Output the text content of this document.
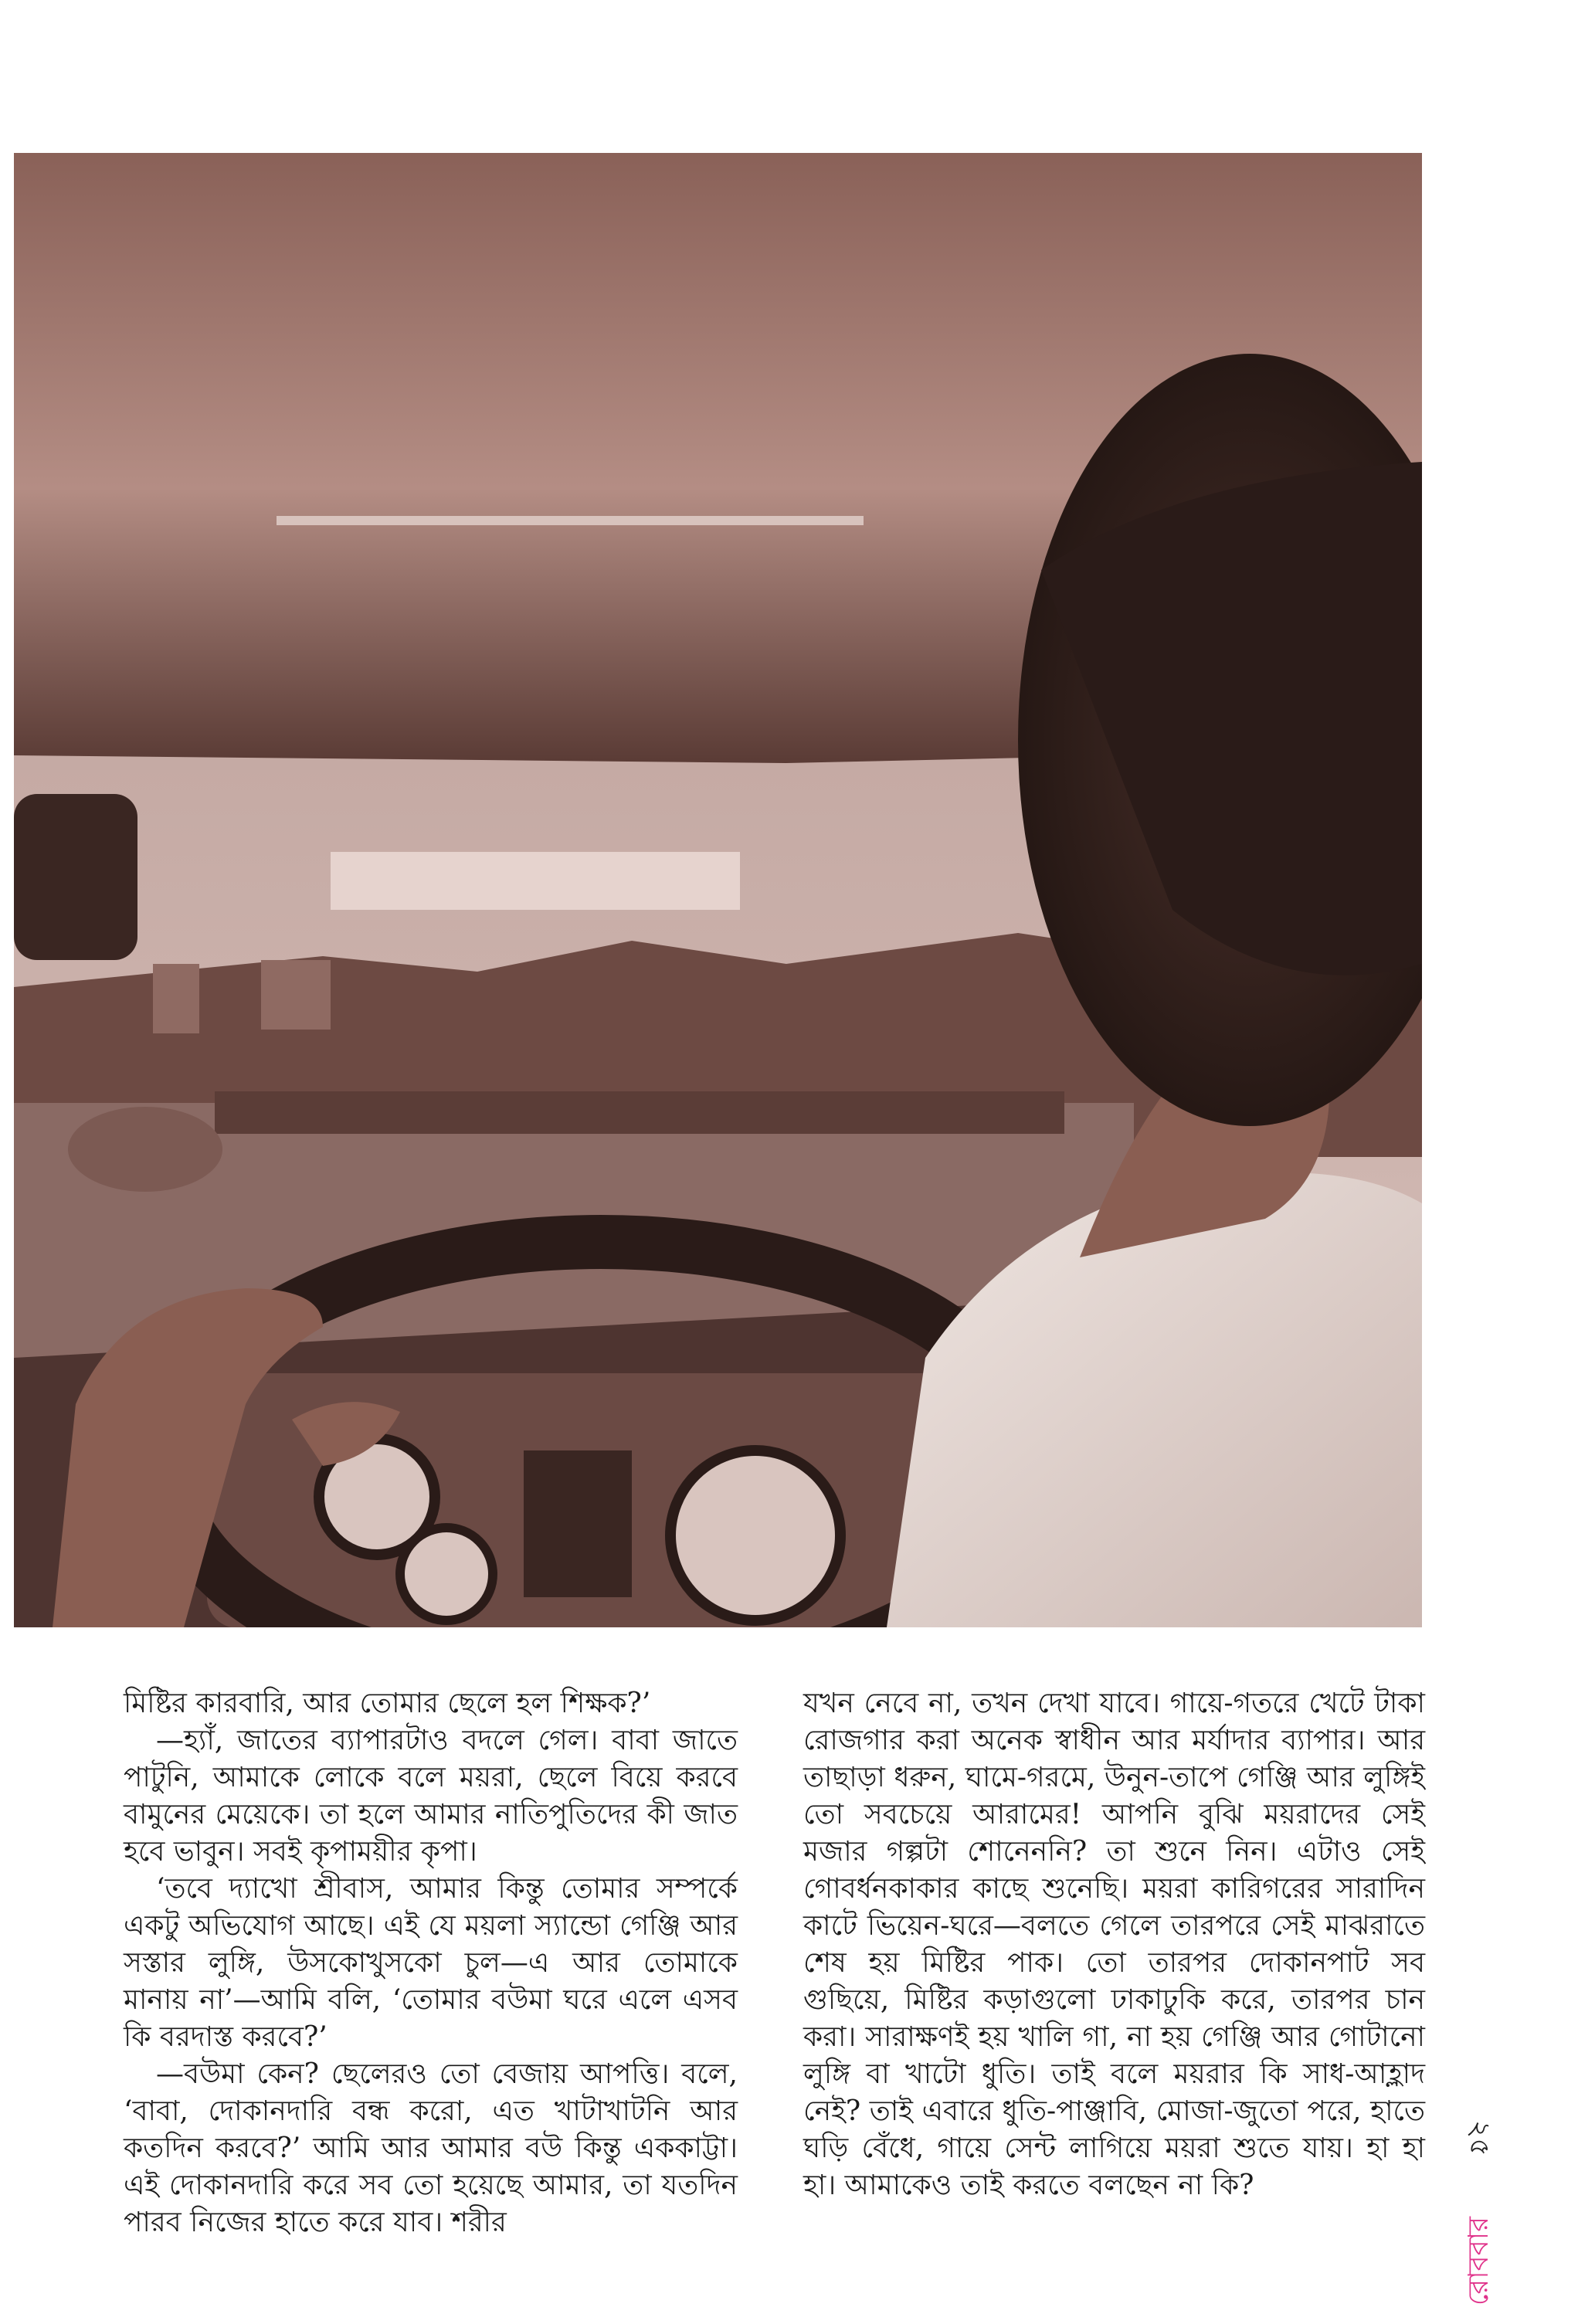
মিষ্টির কারবারি, আর তোমার ছেলে হল শিক্ষক?’

—হ্যাঁ, জাতের ব্যাপারটাও বদলে গেল। বাবা জাতে পাটুনি, আমাকে লোকে বলে ময়রা, ছেলে বিয়ে করবে বামুনের মেয়েকে। তা হলে আমার নাতিপুতিদের কী জাত হবে ভাবুন। সবই কৃপাময়ীর কৃপা।

‘তবে দ্যাখো শ্রীবাস, আমার কিন্তু তোমার সম্পর্কে একটু অভিযোগ আছে। এই যে ময়লা স্যান্ডো গেঞ্জি আর সস্তার লুঙ্গি, উসকোখুসকো চুল—এ আর তোমাকে মানায় না’—আমি বলি, ‘তোমার বউমা ঘরে এলে এসব কি বরদাস্ত করবে?’

—বউমা কেন? ছেলেরও তো বেজায় আপত্তি। বলে, ‘বাবা, দোকানদারি বন্ধ করো, এত খাটাখাটনি আর কতদিন করবে?’ আমি আর আমার বউ কিন্তু এককাট্টা। এই দোকানদারি করে সব তো হয়েছে আমার, তা যতদিন পারব নিজের হাতে করে যাব। শরীর

যখন নেবে না, তখন দেখা যাবে। গায়ে-গতরে খেটে টাকা রোজগার করা অনেক স্বাধীন আর মর্যাদার ব্যাপার। আর তাছাড়া ধরুন, ঘামে-গরমে, উনুন-তাপে গেঞ্জি আর লুঙ্গিই তো সবচেয়ে আরামের! আপনি বুঝি ময়রাদের সেই মজার গল্পটা শোনেননি? তা শুনে নিন। এটাও সেই গোবর্ধনকাকার কাছে শুনেছি। ময়রা কারিগরের সারাদিন কাটে ভিয়েন-ঘরে—বলতে গেলে তারপরে সেই মাঝরাতে শেষ হয় মিষ্টির পাক। তো তারপর দোকানপাট সব গুছিয়ে, মিষ্টির কড়াগুলো ঢাকাঢুকি করে, তারপর চান করা। সারাক্ষণই হয় খালি গা, না হয় গেঞ্জি আর গোটানো লুঙ্গি বা খাটো ধুতি। তাই বলে ময়রার কি সাধ-আহ্লাদ নেই? তাই এবারে ধুতি-পাঞ্জাবি, মোজা-জুতো পরে, হাতে ঘড়ি বেঁধে, গায়ে সেন্ট লাগিয়ে ময়রা শুতে যায়। হা হা হা। আমাকেও তাই করতে বলছেন না কি?

২৫
রোববার
